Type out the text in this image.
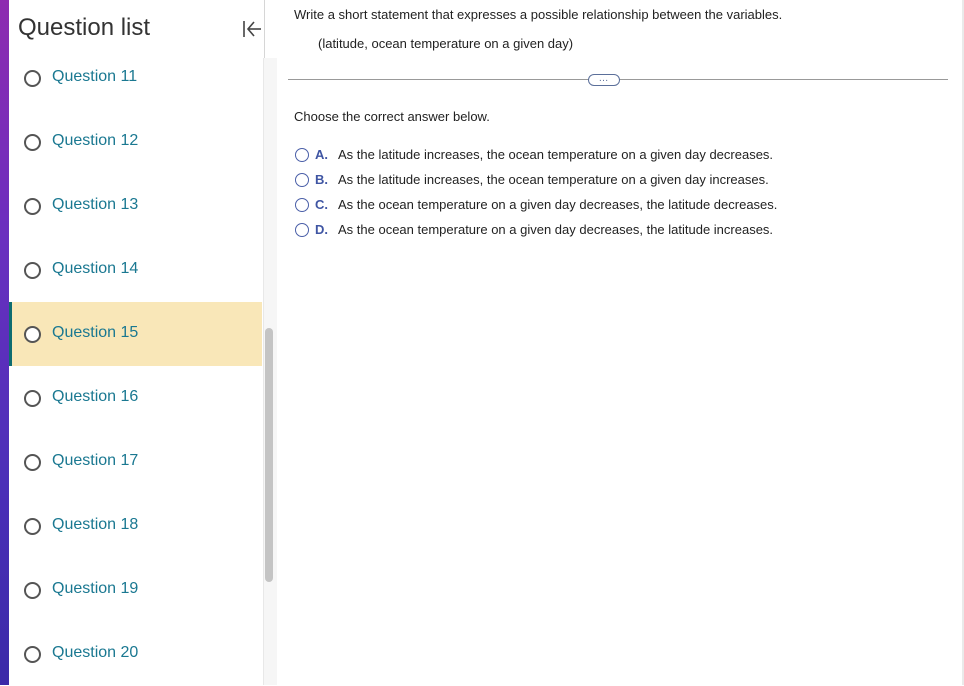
Question list
Question 11
Question 12
Question 13
Question 14
Question 15
Question 16
Question 17
Question 18
Question 19
Question 20
Write a short statement that expresses a possible relationship between the variables.
(latitude, ocean temperature on a given day)
…
Choose the correct answer below.
A. As the latitude increases, the ocean temperature on a given day decreases.
B. As the latitude increases, the ocean temperature on a given day increases.
C. As the ocean temperature on a given day decreases, the latitude decreases.
D. As the ocean temperature on a given day decreases, the latitude increases.
